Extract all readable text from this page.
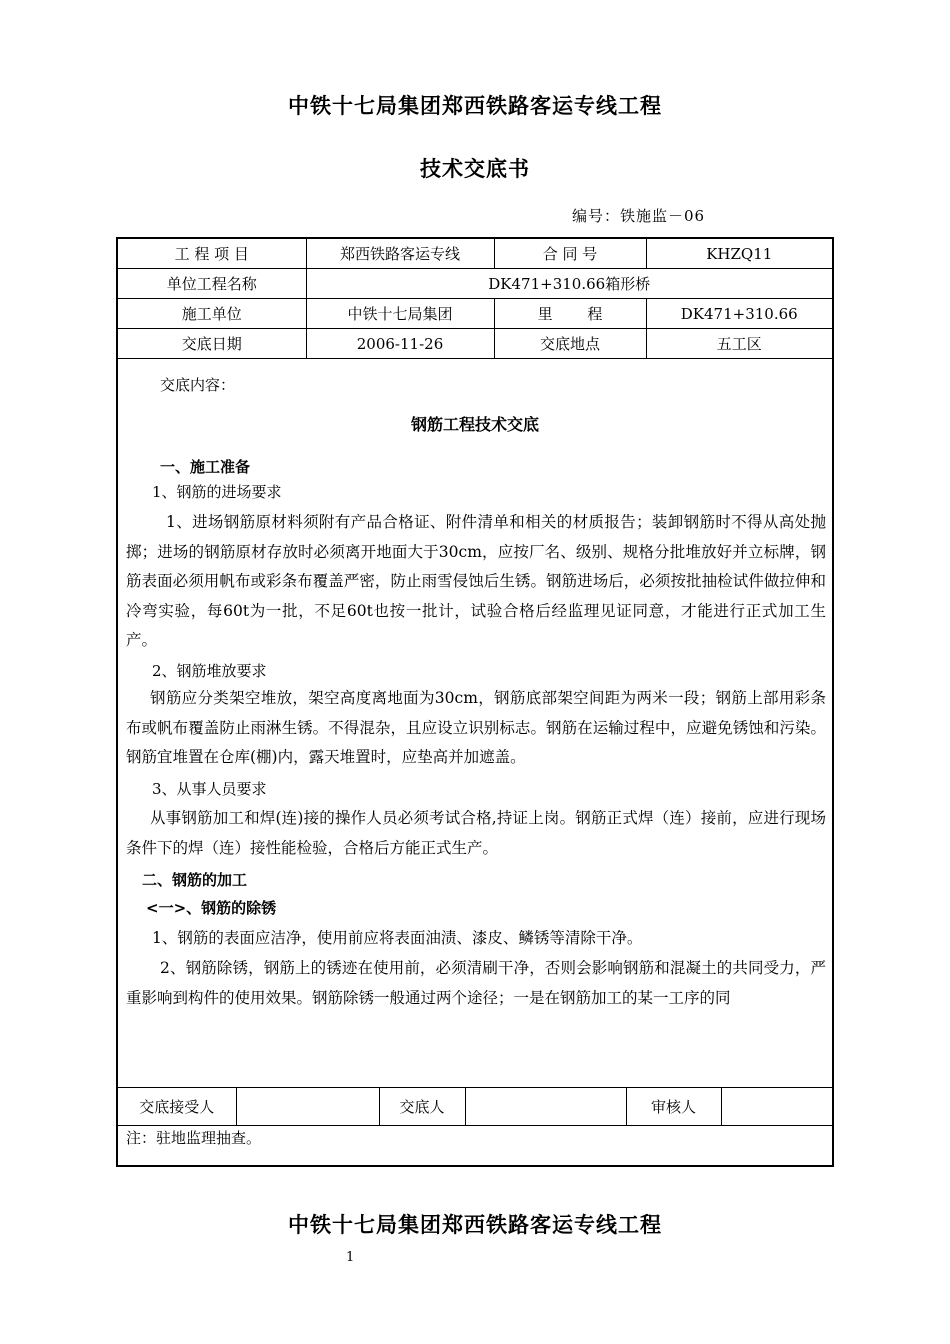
中铁十七局集团郑西铁路客运专线工程
技术交底书
编号：铁施监－06
工 程 项 目	郑西铁路客运专线	合 同 号	KHZQ11
单位工程名称	DK471+310.66箱形桥		
施工单位	中铁十七局集团	里 程	DK471+310.66
交底日期	2006-11-26	交底地点	五工区
交底内容：
钢筋工程技术交底
一、施工准备
1、钢筋的进场要求

1、进场钢筋原材料须附有产品合格证、附件清单和相关的材质报告；装卸钢筋时不得从高处抛掷；进场的钢筋原材存放时必须离开地面大于30cm，应按厂名、级别、规格分批堆放好并立标牌，钢筋表面必须用帆布或彩条布覆盖严密，防止雨雪侵蚀后生锈。钢筋进场后，必须按批抽检试件做拉伸和冷弯实验，每60t为一批，不足60t也按一批计，试验合格后经监理见证同意，才能进行正式加工生产。

2、钢筋堆放要求

钢筋应分类架空堆放，架空高度离地面为30cm，钢筋底部架空间距为两米一段；钢筋上部用彩条布或帆布覆盖防止雨淋生锈。不得混杂，且应设立识别标志。钢筋在运输过程中，应避免锈蚀和污染。钢筋宜堆置在仓库(棚)内，露天堆置时，应垫高并加遮盖。

3、从事人员要求

从事钢筋加工和焊(连)接的操作人员必须考试合格,持证上岗。钢筋正式焊（连）接前，应进行现场条件下的焊（连）接性能检验，合格后方能正式生产。

二、钢筋的加工
<一>、钢筋的除锈

1、钢筋的表面应洁净，使用前应将表面油渍、漆皮、鳞锈等清除干净。

2、钢筋除锈，钢筋上的锈迹在使用前，必须清刷干净，否则会影响钢筋和混凝土的共同受力，严重影响到构件的使用效果。钢筋除锈一般通过两个途径；一是在钢筋加工的某一工序的同

交底接受人		交底人		审核人	
注：驻地监理抽查。
中铁十七局集团郑西铁路客运专线工程
1
